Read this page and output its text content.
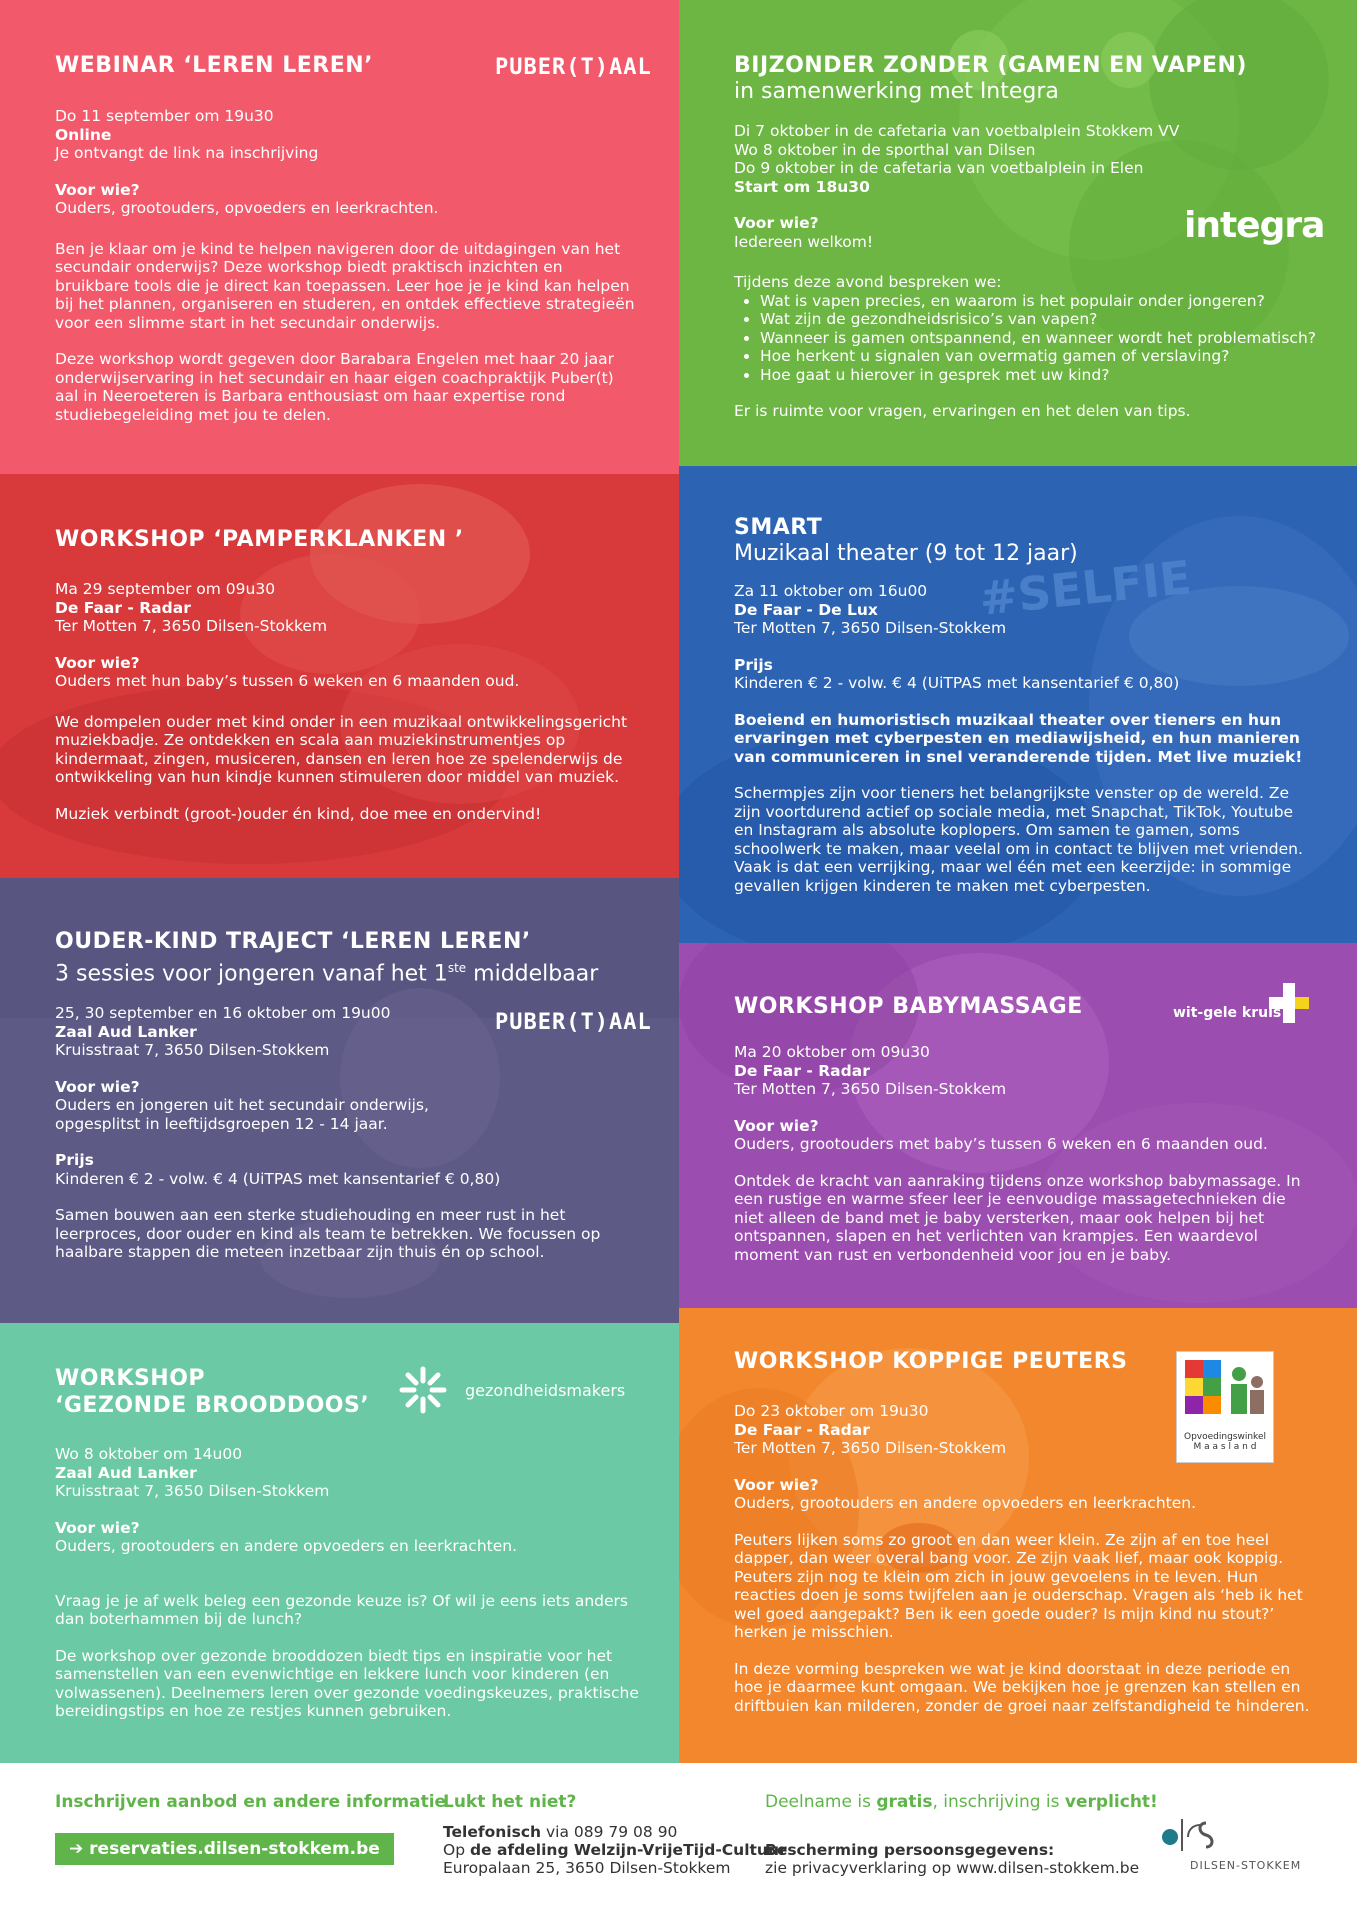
WEBINAR ‘LEREN LEREN’	PUBER(T)AAL

Do 11 september om 19u30

Online

Je ontvangt de link na inschrijving

Voor wie?

Ouders, grootouders, opvoeders en leerkrachten.

Ben je klaar om je kind te helpen navigeren door de uitdagingen van het secundair onderwijs? Deze workshop biedt praktisch inzichten en bruikbare tools die je direct kan toepassen. Leer hoe je je kind kan helpen bij het plannen, organiseren en studeren, en ontdek effectieve strategieën voor een slimme start in het secundair onderwijs.

Deze workshop wordt gegeven door Barabara Engelen met haar 20 jaar onderwijservaring in het secundair en haar eigen coachpraktijk Puber(t) aal in Neeroeteren is Barbara enthousiast om haar expertise rond studiebegeleiding met jou te delen.

BIJZONDER ZONDER (GAMEN EN VAPEN)

in samenwerking met Integra

integra

Di 7 oktober in de cafetaria van voetbalplein Stokkem VV

Wo 8 oktober in de sporthal van Dilsen

Do 9 oktober in de cafetaria van voetbalplein in Elen

Start om 18u30

Voor wie?

Iedereen welkom!

Tijdens deze avond bespreken we:

• Wat is vapen precies, en waarom is het populair onder jongeren?
• Wat zijn de gezondheidsrisico’s van vapen?
• Wanneer is gamen ontspannend, en wanneer wordt het problematisch?
• Hoe herkent u signalen van overmatig gamen of verslaving?
• Hoe gaat u hierover in gesprek met uw kind?

Er is ruimte voor vragen, ervaringen en het delen van tips.

WORKSHOP ‘PAMPERKLANKEN ’

Ma 29 september om 09u30

De Faar - Radar

Ter Motten 7, 3650 Dilsen-Stokkem

Voor wie?

Ouders met hun baby’s tussen 6 weken en 6 maanden oud.

We dompelen ouder met kind onder in een muzikaal ontwikkelingsgericht muziekbadje. Ze ontdekken en scala aan muziekinstrumentjes op kindermaat, zingen, musiceren, dansen en leren hoe ze spelenderwijs de ontwikkeling van hun kindje kunnen stimuleren door middel van muziek.

Muziek verbindt (groot-)ouder én kind, doe mee en ondervind!

#SELFIE
SMART

Muzikaal theater (9 tot 12 jaar)

Za 11 oktober om 16u00

De Faar - De Lux

Ter Motten 7, 3650 Dilsen-Stokkem

Prijs

Kinderen € 2 - volw. € 4 (UiTPAS met kansentarief € 0,80)

Boeiend en humoristisch muzikaal theater over tieners en hun ervaringen met cyberpesten en mediawijsheid, en hun manieren van communiceren in snel veranderende tijden. Met live muziek!

Schermpjes zijn voor tieners het belangrijkste venster op de wereld. Ze zijn voortdurend actief op sociale media, met Snapchat, TikTok, Youtube en Instagram als absolute koplopers. Om samen te gamen, soms schoolwerk te maken, maar veelal om in contact te blijven met vrienden. Vaak is dat een verrijking, maar wel één met een keerzijde: in sommige gevallen krijgen kinderen te maken met cyberpesten.

OUDER-KIND TRAJECT ‘LEREN LEREN’

3 sessies voor jongeren vanaf het 1ste middelbaar

PUBER(T)AAL

25, 30 september en 16 oktober om 19u00

Zaal Aud Lanker

Kruisstraat 7, 3650 Dilsen-Stokkem

Voor wie?

Ouders en jongeren uit het secundair onderwijs, opgesplitst in leeftijdsgroepen 12 - 14 jaar.

Prijs

Kinderen € 2 - volw. € 4 (UiTPAS met kansentarief € 0,80)

Samen bouwen aan een sterke studiehouding en meer rust in het leerproces, door ouder en kind als team te betrekken. We focussen op haalbare stappen die meteen inzetbaar zijn thuis én op school.

WORKSHOP BABYMASSAGE	wit-gele kruis

Ma 20 oktober om 09u30

De Faar - Radar

Ter Motten 7, 3650 Dilsen-Stokkem

Voor wie?

Ouders, grootouders met baby’s tussen 6 weken en 6 maanden oud.

Ontdek de kracht van aanraking tijdens onze workshop babymassage. In een rustige en warme sfeer leer je eenvoudige massagetechnieken die niet alleen de band met je baby versterken, maar ook helpen bij het ontspannen, slapen en het verlichten van krampjes. Een waardevol moment van rust en verbondenheid voor jou en je baby.

WORKSHOP
‘GEZONDE BROODDOOS’
gezondheidsmakers

Wo 8 oktober om 14u00

Zaal Aud Lanker

Kruisstraat 7, 3650 Dilsen-Stokkem

Voor wie?

Ouders, grootouders en andere opvoeders en leerkrachten.

Vraag je je af welk beleg een gezonde keuze is? Of wil je eens iets anders dan boterhammen bij de lunch?

De workshop over gezonde brooddozen biedt tips en inspiratie voor het samenstellen van een evenwichtige en lekkere lunch voor kinderen (en volwassenen). Deelnemers leren over gezonde voedingskeuzes, praktische bereidingstips en hoe ze restjes kunnen gebruiken.

WORKSHOP KOPPIGE PEUTERS
Opvoedingswinkel
M a a s l a n d

Do 23 oktober om 19u30

De Faar - Radar

Ter Motten 7, 3650 Dilsen-Stokkem

Voor wie?

Ouders, grootouders en andere opvoeders en leerkrachten.

Peuters lijken soms zo groot en dan weer klein. Ze zijn af en toe heel dapper, dan weer overal bang voor. Ze zijn vaak lief, maar ook koppig. Peuters zijn nog te klein om zich in jouw gevoelens in te leven. Hun reacties doen je soms twijfelen aan je ouderschap. Vragen als ‘heb ik het wel goed aangepakt? Ben ik een goede ouder? Is mijn kind nu stout?’ herken je misschien.

In deze vorming bespreken we wat je kind doorstaat in deze periode en hoe je daarmee kunt omgaan. We bekijken hoe je grenzen kan stellen en driftbuien kan milderen, zonder de groei naar zelfstandigheid te hinderen.

Inschrijven aanbod en andere informatie
➔ reservaties.dilsen-stokkem.be
Lukt het niet?
Telefonisch via 089 79 08 90
Op de afdeling Welzijn-VrijeTijd-Cultuur
Europalaan 25, 3650 Dilsen-Stokkem
Deelname is gratis, inschrijving is verplicht!
Bescherming persoonsgegevens:
zie privacyverklaring op www.dilsen-stokkem.be	DILSEN-STOKKEM
